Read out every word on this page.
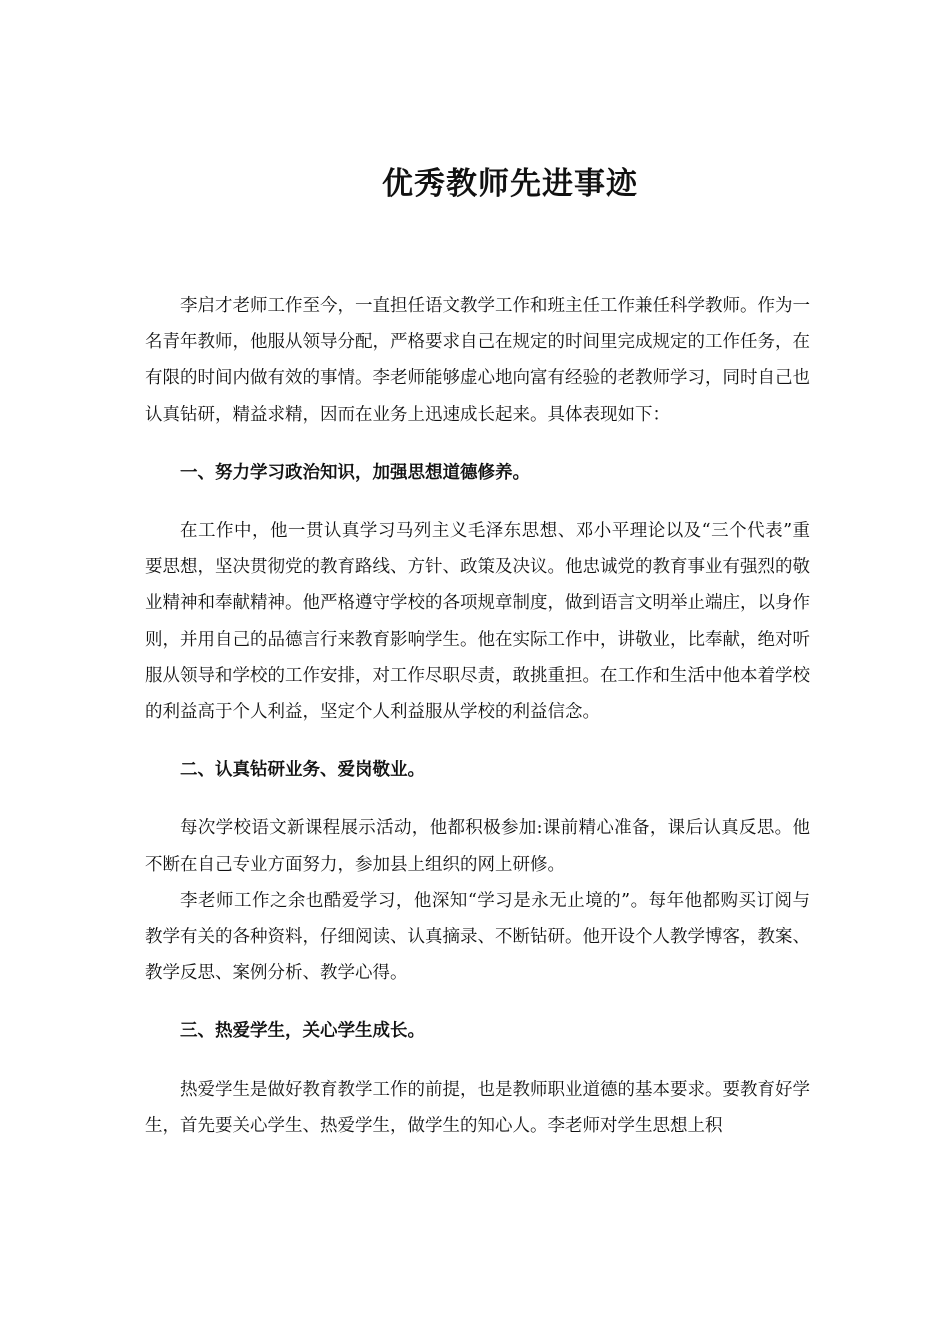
优秀教师先进事迹

李启才老师工作至今，一直担任语文教学工作和班主任工作兼任科学教师。作为一名青年教师，他服从领导分配，严格要求自己在规定的时间里完成规定的工作任务，在有限的时间内做有效的事情。李老师能够虚心地向富有经验的老教师学习，同时自己也认真钻研，精益求精，因而在业务上迅速成长起来。具体表现如下：

一、努力学习政治知识，加强思想道德修养。

在工作中，他一贯认真学习马列主义毛泽东思想、邓小平理论以及“三个代表”重要思想，坚决贯彻党的教育路线、方针、政策及决议。他忠诚党的教育事业有强烈的敬业精神和奉献精神。他严格遵守学校的各项规章制度，做到语言文明举止端庄，以身作则，并用自己的品德言行来教育影响学生。他在实际工作中，讲敬业，比奉献，绝对听服从领导和学校的工作安排，对工作尽职尽责，敢挑重担。在工作和生活中他本着学校的利益高于个人利益，坚定个人利益服从学校的利益信念。

二、认真钻研业务、爱岗敬业。

每次学校语文新课程展示活动，他都积极参加:课前精心准备，课后认真反思。他不断在自己专业方面努力，参加县上组织的网上研修。

李老师工作之余也酷爱学习，他深知“学习是永无止境的”。每年他都购买订阅与教学有关的各种资料，仔细阅读、认真摘录、不断钻研。他开设个人教学博客，教案、教学反思、案例分析、教学心得。

三、热爱学生，关心学生成长。

热爱学生是做好教育教学工作的前提，也是教师职业道德的基本要求。要教育好学生，首先要关心学生、热爱学生，做学生的知心人。李老师对学生思想上积
